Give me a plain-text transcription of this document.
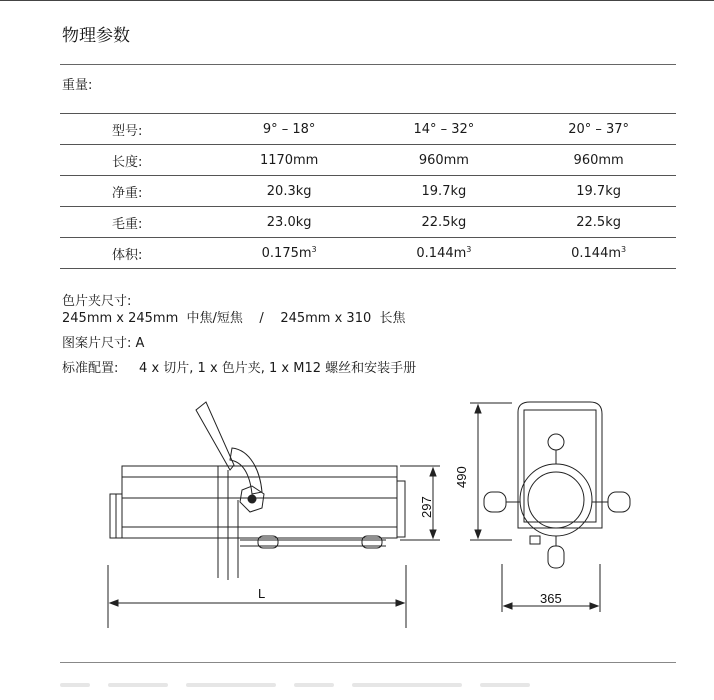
物理参数
重量:
型号:	9° – 18°	14° – 32°	20° – 37°
长度:	1170mm	960mm	960mm
净重:	20.3kg	19.7kg	19.7kg
毛重:	23.0kg	22.5kg	22.5kg
体积:	$0.175m^3$	$0.144m^3$	$0.144m^3$
色片夹尺寸:
245mm x 245mm  中焦/短焦    /    245mm x 310  长焦
图案片尺寸: A
标准配置:     4 x 切片, 1 x 色片夹, 1 x M12 螺丝和安装手册
L
297
490
365
